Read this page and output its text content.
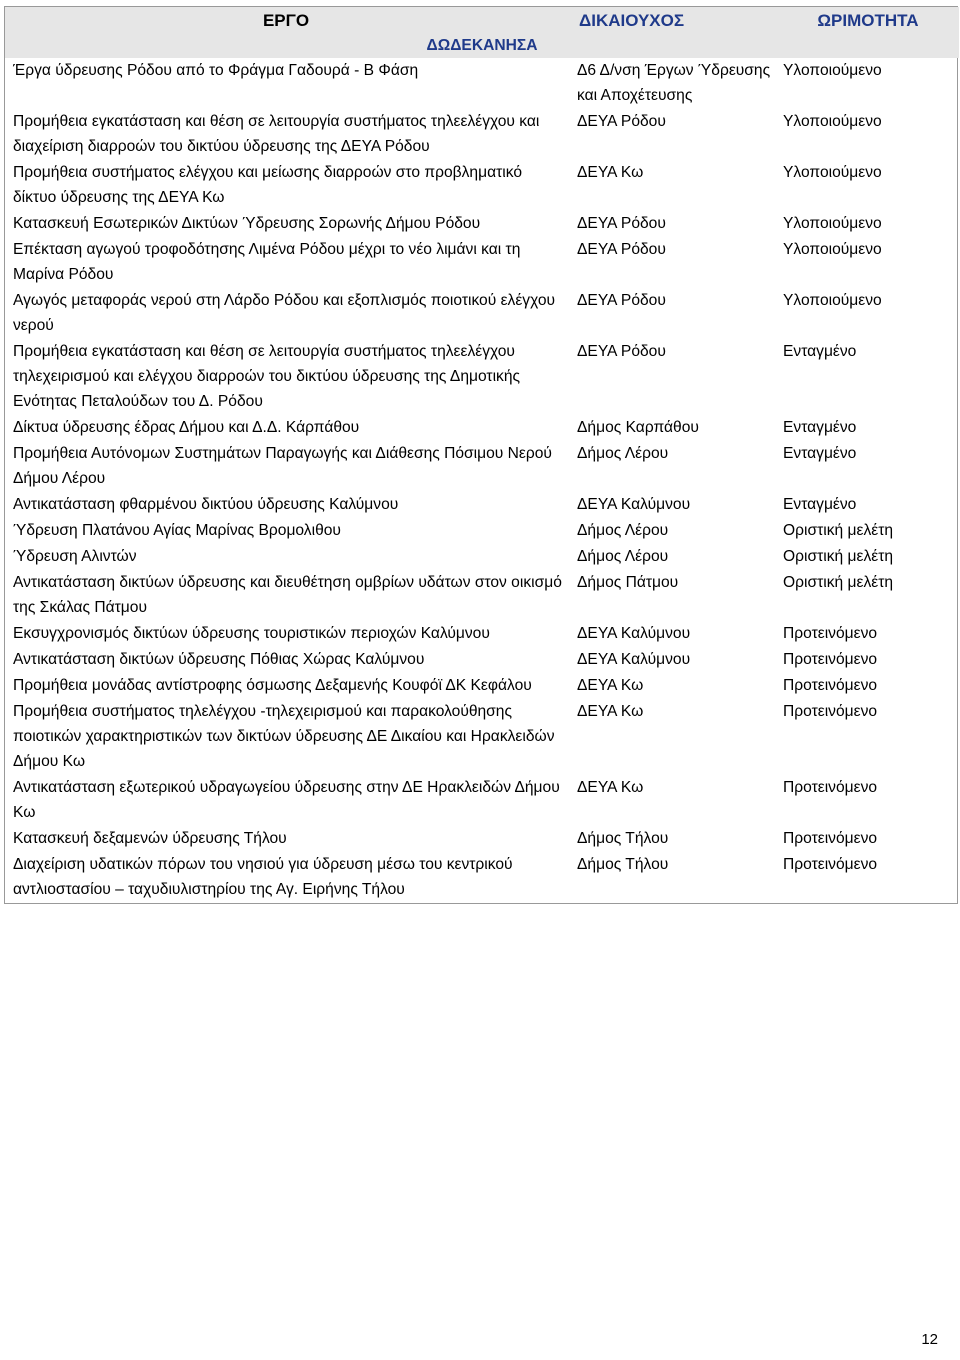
ΕΡΓΟ	ΔΙΚΑΙΟΥΧΟΣ	ΩΡΙΜΟΤΗΤΑ
ΔΩΔΕΚΑΝΗΣΑ		
Έργα ύδρευσης Ρόδου από το Φράγμα Γαδουρά - Β Φάση	Δ6 Δ/νση Έργων Ύδρευσης και Αποχέτευσης	Υλοποιούμενο
Προμήθεια εγκατάσταση και θέση σε λειτουργία συστήματος τηλεελέγχου και διαχείριση διαρροών του δικτύου ύδρευσης της ΔΕΥΑ Ρόδου	ΔΕΥΑ Ρόδου	Υλοποιούμενο
Προμήθεια συστήματος ελέγχου και μείωσης διαρροών στο προβληματικό δίκτυο ύδρευσης της ΔΕΥΑ Κω	ΔΕΥΑ Κω	Υλοποιούμενο
Κατασκευή Εσωτερικών Δικτύων Ύδρευσης Σορωνής Δήμου Ρόδου	ΔΕΥΑ Ρόδου	Υλοποιούμενο
Επέκταση αγωγού τροφοδότησης Λιμένα Ρόδου μέχρι το νέο λιμάνι και τη Μαρίνα Ρόδου	ΔΕΥΑ Ρόδου	Υλοποιούμενο
Αγωγός μεταφοράς νερού στη Λάρδο Ρόδου και εξοπλισμός ποιοτικού ελέγχου νερού	ΔΕΥΑ Ρόδου	Υλοποιούμενο
Προμήθεια εγκατάσταση και θέση σε λειτουργία συστήματος τηλεελέγχου τηλεχειρισμού και ελέγχου διαρροών του δικτύου ύδρευσης της Δημοτικής Ενότητας Πεταλούδων του Δ. Ρόδου	ΔΕΥΑ Ρόδου	Ενταγμένο
Δίκτυα ύδρευσης έδρας Δήμου και Δ.Δ. Κάρπάθου	Δήμος Καρπάθου	Ενταγμένο
Προμήθεια Αυτόνομων Συστημάτων Παραγωγής και Διάθεσης Πόσιμου Νερού Δήμου Λέρου	Δήμος Λέρου	Ενταγμένο
Αντικατάσταση φθαρμένου δικτύου ύδρευσης Καλύμνου	ΔΕΥΑ Καλύμνου	Ενταγμένο
Ύδρευση Πλατάνου Αγίας Μαρίνας Βρομολιθου	Δήμος Λέρου	Οριστική μελέτη
Ύδρευση Αλιντών	Δήμος Λέρου	Οριστική μελέτη
Αντικατάσταση δικτύων ύδρευσης και διευθέτηση ομβρίων υδάτων στον οικισμό της Σκάλας Πάτμου	Δήμος Πάτμου	Οριστική μελέτη
Εκσυγχρονισμός δικτύων ύδρευσης τουριστικών περιοχών Καλύμνου	ΔΕΥΑ Καλύμνου	Προτεινόμενο
Αντικατάσταση δικτύων ύδρευσης Πόθιας Χώρας Καλύμνου	ΔΕΥΑ Καλύμνου	Προτεινόμενο
Προμήθεια μονάδας αντίστροφης όσμωσης Δεξαμενής Κουφόϊ ΔΚ Κεφάλου	ΔΕΥΑ Κω	Προτεινόμενο
Προμήθεια συστήματος τηλελέγχου -τηλεχειρισμού και παρακολούθησης ποιοτικών χαρακτηριστικών των δικτύων ύδρευσης ΔΕ Δικαίου και Ηρακλειδών Δήμου Κω	ΔΕΥΑ Κω	Προτεινόμενο
Αντικατάσταση εξωτερικού υδραγωγείου ύδρευσης στην ΔΕ Ηρακλειδών Δήμου Κω	ΔΕΥΑ Κω	Προτεινόμενο
Κατασκευή δεξαμενών ύδρευσης Τήλου	Δήμος Τήλου	Προτεινόμενο
Διαχείριση υδατικών πόρων του νησιού για ύδρευση μέσω του κεντρικού αντλιοστασίου – ταχυδιυλιστηρίου της Αγ. Ειρήνης Τήλου	Δήμος Τήλου	Προτεινόμενο
12
